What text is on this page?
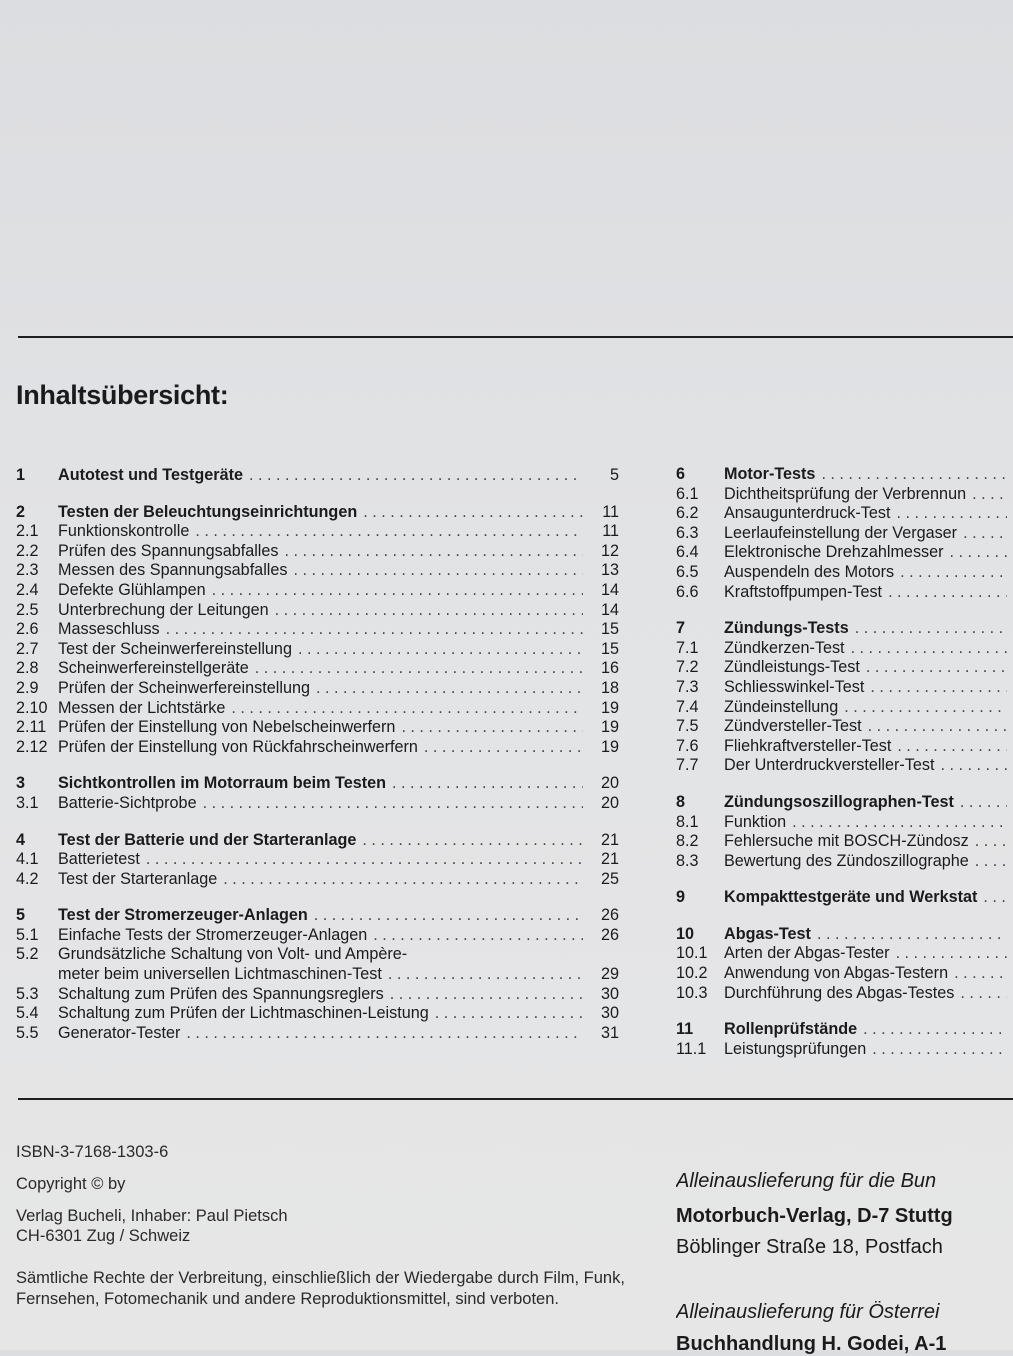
Inhaltsübersicht:
1	Autotest und Testgeräte . . .	5
2	Testen der Beleuchtungseinrichtungen . . .	11
2.1	Funktionskontrolle . . .	11
2.2	Prüfen des Spannungsabfalles . . .	12
2.3	Messen des Spannungsabfalles . . .	13
2.4	Defekte Glühlampen . . .	14
2.5	Unterbrechung der Leitungen . . .	14
2.6	Masseschluss . . .	15
2.7	Test der Scheinwerfereinstellung . . .	15
2.8	Scheinwerfereinstellgeräte . . .	16
2.9	Prüfen der Scheinwerfereinstellung . . .	18
2.10 Messen der Lichtstärke . . .	19
2.11 Prüfen der Einstellung von Nebelscheinwerfern . . .	19
2.12 Prüfen der Einstellung von Rückfahrscheinwerfern . . .	19
3	Sichtkontrollen im Motorraum beim Testen . . .	20
3.1	Batterie-Sichtprobe . . .	20
4	Test der Batterie und der Starteranlage . . .	21
4.1	Batterietest . . .	21
4.2	Test der Starteranlage . . .	25
5	Test der Stromerzeuger-Anlagen . . .	26
5.1	Einfache Tests der Stromerzeuger-Anlagen . . .	26
5.2	Grundsätzliche Schaltung von Volt- und Ampère-
meter beim universellen Lichtmaschinen-Test . . .	29
5.3	Schaltung zum Prüfen des Spannungsreglers . . .	30
5.4	Schaltung zum Prüfen der Lichtmaschinen-Leistung . . .	30
5.5	Generator-Tester . . .	31
6	Motor-Tests
. . .
6.1	Dichtheitsprüfung der Verbrennun
. . .
6.2	Ansaugunterdruck-Test
. . .
6.3	Leerlaufeinstellung der Vergaser
. . .
6.4	Elektronische Drehzahlmesser
. . .
6.5	Auspendeln des Motors
. . .
6.6	Kraftstoffpumpen-Test
. . .
7	Zündungs-Tests
. . .
7.1	Zündkerzen-Test
. . .
7.2	Zündleistungs-Test
. . .
7.3	Schliesswinkel-Test
. . .
7.4	Zündeinstellung
. . .
7.5	Zündversteller-Test
. . .
7.6	Fliehkraftversteller-Test
. . .
7.7	Der Unterdruckversteller-Test
. . .
8	Zündungsoszillographen-Test
. . .
8.1	Funktion
. . .
8.2	Fehlersuche mit BOSCH-Zündosz
. . .
8.3	Bewertung des Zündoszillographe
. . .
9	Kompakttestgeräte und Werkstat
. . .
10	Abgas-Test
. . .
10.1	Arten der Abgas-Tester
. . .
10.2	Anwendung von Abgas-Testern
. . .
10.3	Durchführung des Abgas-Testes
. . .
11	Rollenprüfstände
. . .
11.1	Leistungsprüfungen
. . .

ISBN-3-7168-1303-6

Copyright © by

Verlag Bucheli, Inhaber: Paul Pietsch

CH-6301 Zug / Schweiz

Sämtliche Rechte der Verbreitung, einschließlich der Wiedergabe durch Film, Funk, Fernsehen, Fotomechanik und andere Reproduktionsmittel, sind verboten.

Alleinauslieferung für die Bun

Motorbuch-Verlag, D-7 Stuttg

Böblinger Straße 18, Postfach

Alleinauslieferung für Österrei

Buchhandlung H. Godei, A-1
